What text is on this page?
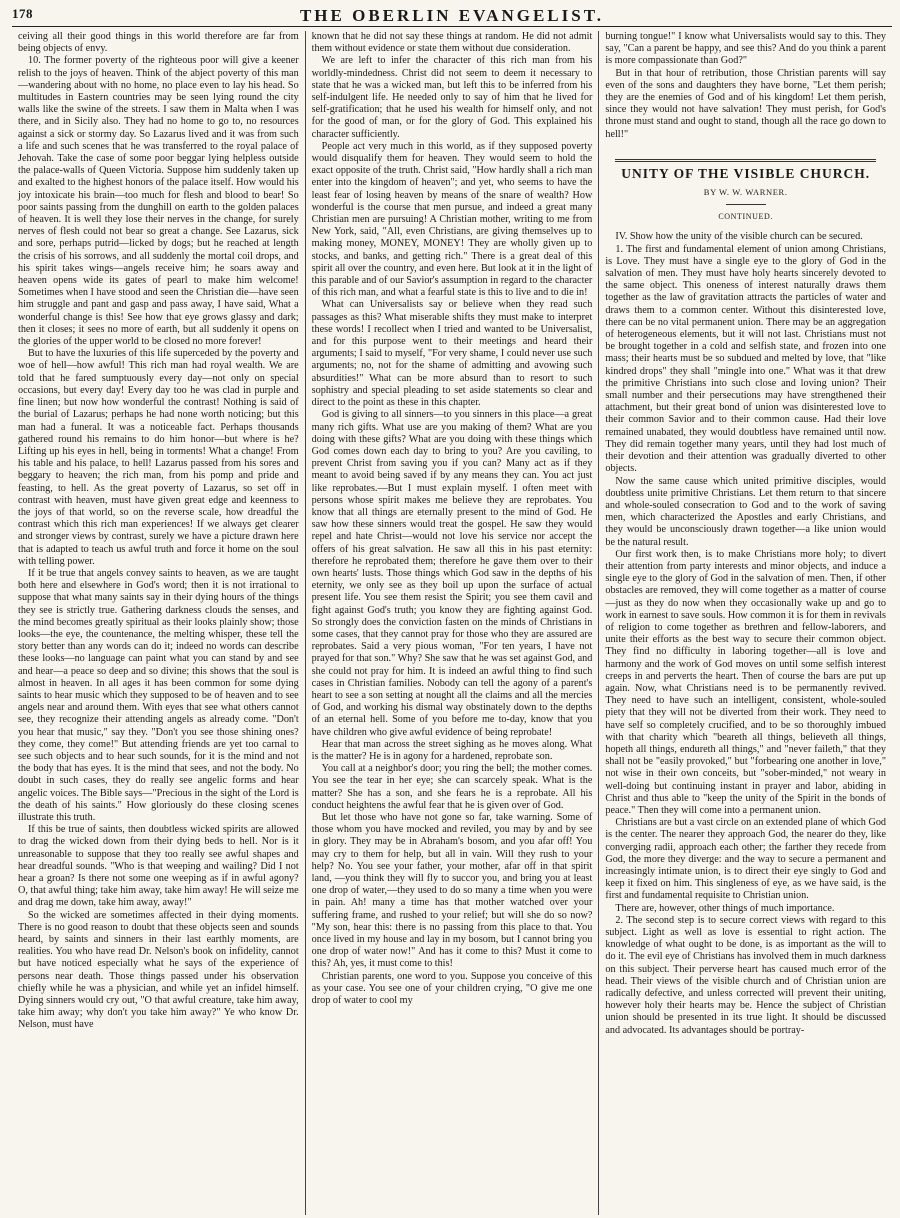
178	THE OBERLIN EVANGELIST.

ceiving all their good things in this world therefore are far from being objects of envy.

10. The former poverty of the righteous poor will give a keener relish to the joys of heaven. Think of the abject poverty of this man—wandering about with no home, no place even to lay his head. So multitudes in Eastern countries may be seen lying round the city walls like the swine of the streets. I saw them in Malta when I was there, and in Sicily also. They had no home to go to, no resources against a sick or stormy day. So Lazarus lived and it was from such a life and such scenes that he was transferred to the royal palace of Jehovah. Take the case of some poor beggar lying helpless outside the palace-walls of Queen Victoria. Suppose him suddenly taken up and exalted to the highest honors of the palace itself. How would his joy intoxicate his brain—too much for flesh and blood to bear! So poor saints passing from the dunghill on earth to the golden palaces of heaven. It is well they lose their nerves in the change, for surely nerves of flesh could not bear so great a change. See Lazarus, sick and sore, perhaps putrid—licked by dogs; but he reached at length the crisis of his sorrows, and all suddenly the mortal coil drops, and his spirit takes wings—angels receive him; he soars away and heaven opens wide its gates of pearl to make him welcome! Sometimes when I have stood and seen the Christian die—have seen him struggle and pant and gasp and pass away, I have said, What a wonderful change is this! See how that eye grows glassy and dark; then it closes; it sees no more of earth, but all suddenly it opens on the glories of the upper world to be closed no more forever!

But to have the luxuries of this life superceded by the poverty and woe of hell—how awful! This rich man had royal wealth. We are told that he fared sumptuously every day—not only on special occasions, but every day! Every day too he was clad in purple and fine linen; but now how wonderful the contrast! Nothing is said of the burial of Lazarus; perhaps he had none worth noticing; but this man had a funeral. It was a noticeable fact. Perhaps thousands gathered round his remains to do him honor—but where is he? Lifting up his eyes in hell, being in torments! What a change! From his table and his palace, to hell! Lazarus passed from his sores and beggary to heaven; the rich man, from his pomp and pride and feasting, to hell. As the great poverty of Lazarus, so set off in contrast with heaven, must have given great edge and keenness to the joys of that world, so on the reverse scale, how dreadful the contrast which this rich man experiences! If we always get clearer and stronger views by contrast, surely we have a picture drawn here that is adapted to teach us awful truth and force it home on the soul with telling power.

If it be true that angels convey saints to heaven, as we are taught both here and elsewhere in God's word; then it is not irrational to suppose that what many saints say in their dying hours of the things they see is strictly true. Gathering darkness clouds the senses, and the mind becomes greatly spiritual as their looks plainly show; those looks—the eye, the countenance, the melting whisper, these tell the story better than any words can do it; indeed no words can describe these looks—no language can paint what you can stand by and see and hear—a peace so deep and so divine; this shows that the soul is almost in heaven. In all ages it has been common for some dying saints to hear music which they supposed to be of heaven and to see angels near and around them. With eyes that see what others cannot see, they recognize their attending angels as already come. "Don't you hear that music," say they. "Don't you see those shining ones? they come, they come!" But attending friends are yet too carnal to see such objects and to hear such sounds, for it is the mind and not the body that has eyes. It is the mind that sees, and not the body. No doubt in such cases, they do really see angelic forms and hear angelic voices. The Bible says—"Precious in the sight of the Lord is the death of his saints." How gloriously do these closing scenes illustrate this truth.

If this be true of saints, then doubtless wicked spirits are allowed to drag the wicked down from their dying beds to hell. Nor is it unreasonable to suppose that they too really see awful shapes and hear dreadful sounds. "Who is that weeping and wailing? Did I not hear a groan? Is there not some one weeping as if in awful agony? O, that awful thing; take him away, take him away! He will seize me and drag me down, take him away, away!"

So the wicked are sometimes affected in their dying moments. There is no good reason to doubt that these objects seen and sounds heard, by saints and sinners in their last earthly moments, are realities. You who have read Dr. Nelson's book on infidelity, cannot but have noticed especially what he says of the experience of persons near death. Those things passed under his observation chiefly while he was a physician, and while yet an infidel himself. Dying sinners would cry out, "O that awful creature, take him away, take him away; why don't you take him away?" Ye who know Dr. Nelson, must have

known that he did not say these things at random. He did not admit them without evidence or state them without due consideration.

We are left to infer the character of this rich man from his worldly-mindedness. Christ did not seem to deem it necessary to state that he was a wicked man, but left this to be inferred from his self-indulgent life. He needed only to say of him that he lived for self-gratification; that he used his wealth for himself only, and not for the good of man, or for the glory of God. This explained his character sufficiently.

People act very much in this world, as if they supposed poverty would disqualify them for heaven. They would seem to hold the exact opposite of the truth. Christ said, "How hardly shall a rich man enter into the kingdom of heaven"; and yet, who seems to have the least fear of losing heaven by means of the snare of wealth? How wonderful is the course that men pursue, and indeed a great many Christian men are pursuing! A Christian mother, writing to me from New York, said, "All, even Christians, are giving themselves up to making money, MONEY, MONEY! They are wholly given up to stocks, and banks, and getting rich." There is a great deal of this spirit all over the country, and even here. But look at it in the light of this parable and of our Savior's assumption in regard to the character of this rich man, and what a fearful state is this to live and to die in!

What can Universalists say or believe when they read such passages as this? What miserable shifts they must make to interpret these words! I recollect when I tried and wanted to be Universalist, and for this purpose went to their meetings and heard their arguments; I said to myself, "For very shame, I could never use such arguments; no, not for the shame of admitting and avowing such absurdities!" What can be more absurd than to resort to such sophistry and special pleading to set aside statements so clear and direct to the point as these in this chapter.

God is giving to all sinners—to you sinners in this place—a great many rich gifts. What use are you making of them? What are you doing with these gifts? What are you doing with these things which God comes down each day to bring to you? Are you caviling, to prevent Christ from saving you if you can? Many act as if they meant to avoid being saved if by any means they can. You act just like reprobates.—But I must explain myself. I often meet with persons whose spirit makes me believe they are reprobates. You know that all things are eternally present to the mind of God. He saw how these sinners would treat the gospel. He saw they would repel and hate Christ—would not love his service nor accept the offers of his great salvation. He saw all this in his past eternity: therefore he reprobated them; therefore he gave them over to their own hearts' lusts. Those things which God saw in the depths of his eternity, we only see as they boil up upon the surface of actual present life. You see them resist the Spirit; you see them cavil and fight against God's truth; you know they are fighting against God. So strongly does the conviction fasten on the minds of Christians in some cases, that they cannot pray for those who they are assured are reprobates. Said a very pious woman, "For ten years, I have not prayed for that son." Why? She saw that he was set against God, and she could not pray for him. It is indeed an awful thing to find such cases in Christian families. Nobody can tell the agony of a parent's heart to see a son setting at nought all the claims and all the mercies of God, and working his dismal way obstinately down to the depths of an eternal hell. Some of you before me to-day, know that you have children who give awful evidence of being reprobate!

Hear that man across the street sighing as he moves along. What is the matter? He is in agony for a hardened, reprobate son.

You call at a neighbor's door; you ring the bell; the mother comes. You see the tear in her eye; she can scarcely speak. What is the matter? She has a son, and she fears he is a reprobate. All his conduct heightens the awful fear that he is given over of God.

But let those who have not gone so far, take warning. Some of those whom you have mocked and reviled, you may by and by see in glory. They may be in Abraham's bosom, and you afar off! You may cry to them for help, but all in vain. Will they rush to your help? No. You see your father, your mother, afar off in that spirit land, —you think they will fly to succor you, and bring you at least one drop of water,—they used to do so many a time when you were in pain. Ah! many a time has that mother watched over your suffering frame, and rushed to your relief; but will she do so now? "My son, hear this: there is no passing from this place to that. You once lived in my house and lay in my bosom, but I cannot bring you one drop of water now!" And has it come to this? Must it come to this? Ah, yes, it must come to this!

Christian parents, one word to you. Suppose you conceive of this as your case. You see one of your children crying, "O give me one drop of water to cool my

burning tongue!" I know what Universalists would say to this. They say, "Can a parent be happy, and see this? And do you think a parent is more compassionate than God?"

But in that hour of retribution, those Christian parents will say even of the sons and daughters they have borne, "Let them perish; they are the enemies of God and of his kingdom! Let them perish, since they would not have salvation! They must perish, for God's throne must stand and ought to stand, though all the race go down to hell!"

UNITY OF THE VISIBLE CHURCH.
BY W. W. WARNER.
CONTINUED.

IV. Show how the unity of the visible church can be secured.

1. The first and fundamental element of union among Christians, is Love. They must have a single eye to the glory of God in the salvation of men. They must have holy hearts sincerely devoted to the same object. This oneness of interest naturally draws them together as the law of gravitation attracts the particles of water and draws them to a common center. Without this disinterested love, there can be no vital permanent union. There may be an aggregation of heterogeneous elements, but it will not last. Christians must not be brought together in a cold and selfish state, and frozen into one mass; their hearts must be so subdued and melted by love, that "like kindred drops" they shall "mingle into one." What was it that drew the primitive Christians into such close and loving union? Their small number and their persecutions may have strengthened their attachment, but their great bond of union was disinterested love to their common Savior and to their common cause. Had their love remained unabated, they would doubtless have remained until now. They did remain together many years, until they had lost much of their devotion and their attention was gradually diverted to other objects.

Now the same cause which united primitive disciples, would doubtless unite primitive Christians. Let them return to that sincere and whole-souled consecration to God and to the work of saving men, which characterized the Apostles and early Christians, and they would be unconsciously drawn together—a like union would be the natural result.

Our first work then, is to make Christians more holy; to divert their attention from party interests and minor objects, and induce a single eye to the glory of God in the salvation of men. Then, if other obstacles are removed, they will come together as a matter of course—just as they do now when they occasionally wake up and go to work in earnest to save souls. How common it is for them in revivals of religion to come together as brethren and fellow-laborers, and unite their efforts as the best way to secure their common object. They find no difficulty in laboring together—all is love and harmony and the work of God moves on until some selfish interest creeps in and perverts the heart. Then of course the bars are put up again. Now, what Christians need is to be permanently revived. They need to have such an intelligent, consistent, whole-souled piety that they will not be diverted from their work. They need to have self so completely crucified, and to be so thoroughly imbued with that charity which "beareth all things, believeth all things, hopeth all things, endureth all things," and "never faileth," that they shall not be "easily provoked," but "forbearing one another in love," not wise in their own conceits, but "sober-minded," not weary in well-doing but continuing instant in prayer and labor, abiding in Christ and thus able to "keep the unity of the Spirit in the bonds of peace." Then they will come into a permanent union.

Christians are but a vast circle on an extended plane of which God is the center. The nearer they approach God, the nearer do they, like converging radii, approach each other; the farther they recede from God, the more they diverge: and the way to secure a permanent and increasingly intimate union, is to direct their eye singly to God and keep it fixed on him. This singleness of eye, as we have said, is the first and fundamental requisite to Christian union.

There are, however, other things of much importance.

2. The second step is to secure correct views with regard to this subject. Light as well as love is essential to right action. The knowledge of what ought to be done, is as important as the will to do it. The evil eye of Christians has involved them in much darkness on this subject. Their perverse heart has caused much error of the head. Their views of the visible church and of Christian union are radically defective, and unless corrected will prevent their uniting, however holy their hearts may be. Hence the subject of Christian union should be presented in its true light. It should be discussed and advocated. Its advantages should be portray-
